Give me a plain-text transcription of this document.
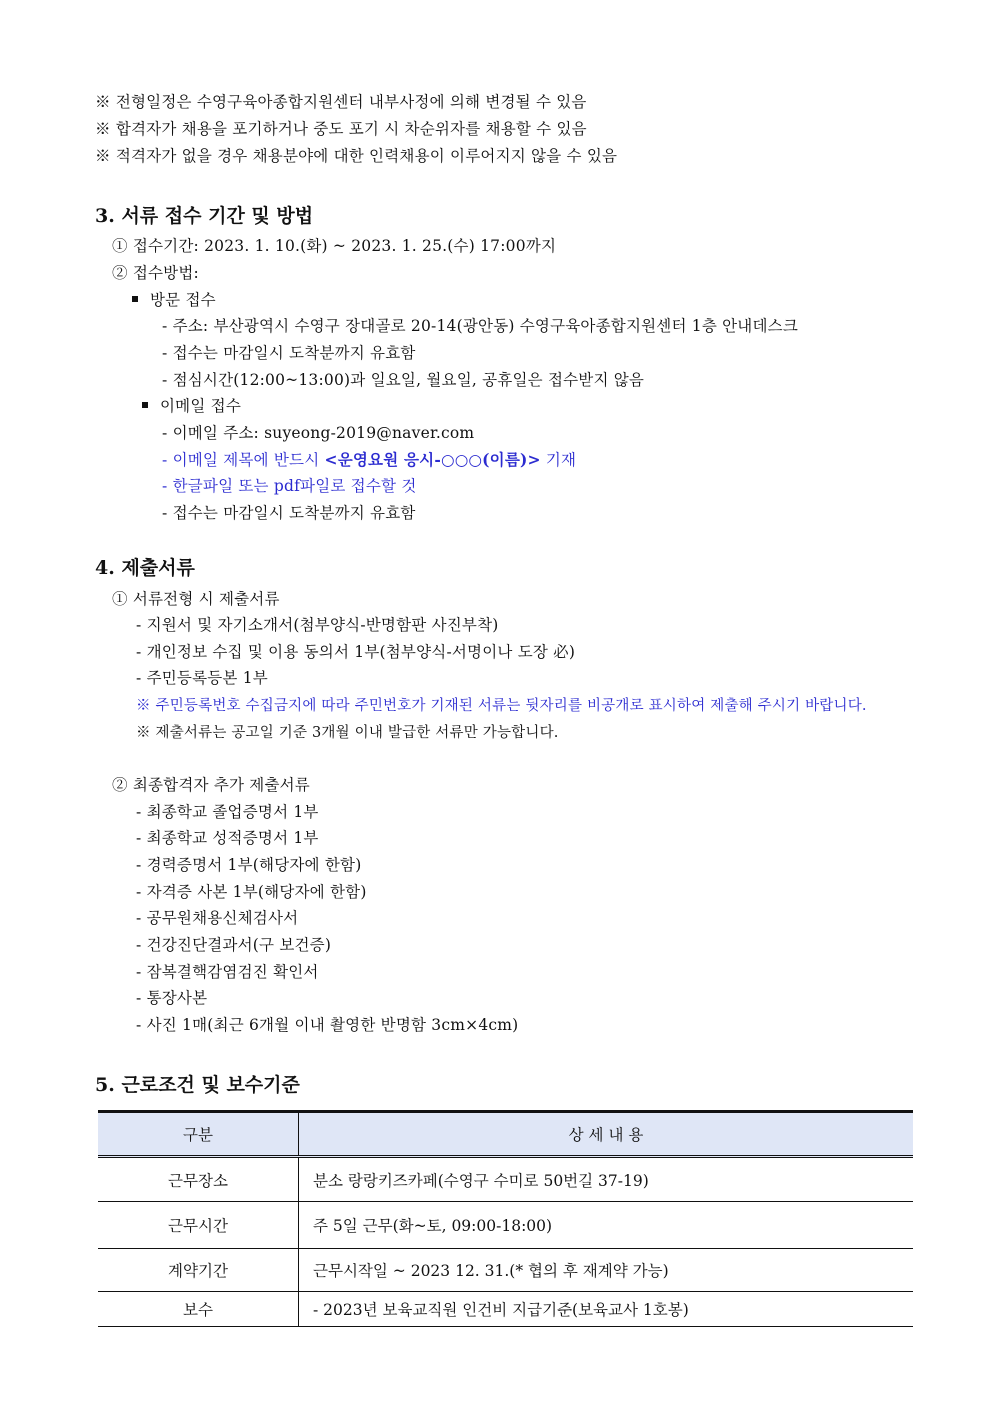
※ 전형일정은 수영구육아종합지원센터 내부사정에 의해 변경될 수 있음
※ 합격자가 채용을 포기하거나 중도 포기 시 차순위자를 채용할 수 있음
※ 적격자가 없을 경우 채용분야에 대한 인력채용이 이루어지지 않을 수 있음
3. 서류 접수 기간 및 방법
① 접수기간: 2023. 1. 10.(화) ~ 2023. 1. 25.(수) 17:00까지
② 접수방법:
방문 접수
- 주소: 부산광역시 수영구 장대골로 20-14(광안동) 수영구육아종합지원센터 1층 안내데스크
- 접수는 마감일시 도착분까지 유효함
- 점심시간(12:00~13:00)과 일요일, 월요일, 공휴일은 접수받지 않음
이메일 접수
- 이메일 주소: suyeong-2019@naver.com
- 이메일 제목에 반드시 <운영요원 응시-○○○(이름)> 기재
- 한글파일 또는 pdf파일로 접수할 것
- 접수는 마감일시 도착분까지 유효함
4. 제출서류
① 서류전형 시 제출서류
- 지원서 및 자기소개서(첨부양식-반명함판 사진부착)
- 개인정보 수집 및 이용 동의서 1부(첨부양식-서명이나 도장 必)
- 주민등록등본 1부
※ 주민등록번호 수집금지에 따라 주민번호가 기재된 서류는 뒷자리를 비공개로 표시하여 제출해 주시기 바랍니다.
※ 제출서류는 공고일 기준 3개월 이내 발급한 서류만 가능합니다.
② 최종합격자 추가 제출서류
- 최종학교 졸업증명서 1부
- 최종학교 성적증명서 1부
- 경력증명서 1부(해당자에 한함)
- 자격증 사본 1부(해당자에 한함)
- 공무원채용신체검사서
- 건강진단결과서(구 보건증)
- 잠복결핵감염검진 확인서
- 통장사본
- 사진 1매(최근 6개월 이내 촬영한 반명함 3cm×4cm)
5. 근로조건 및 보수기준
구분	상 세 내 용
근무장소	분소 랑랑키즈카페(수영구 수미로 50번길 37-19)
근무시간	주 5일 근무(화~토, 09:00-18:00)
계약기간	근무시작일 ~ 2023 12. 31.(* 협의 후 재계약 가능)
보수	- 2023년 보육교직원 인건비 지급기준(보육교사 1호봉)
